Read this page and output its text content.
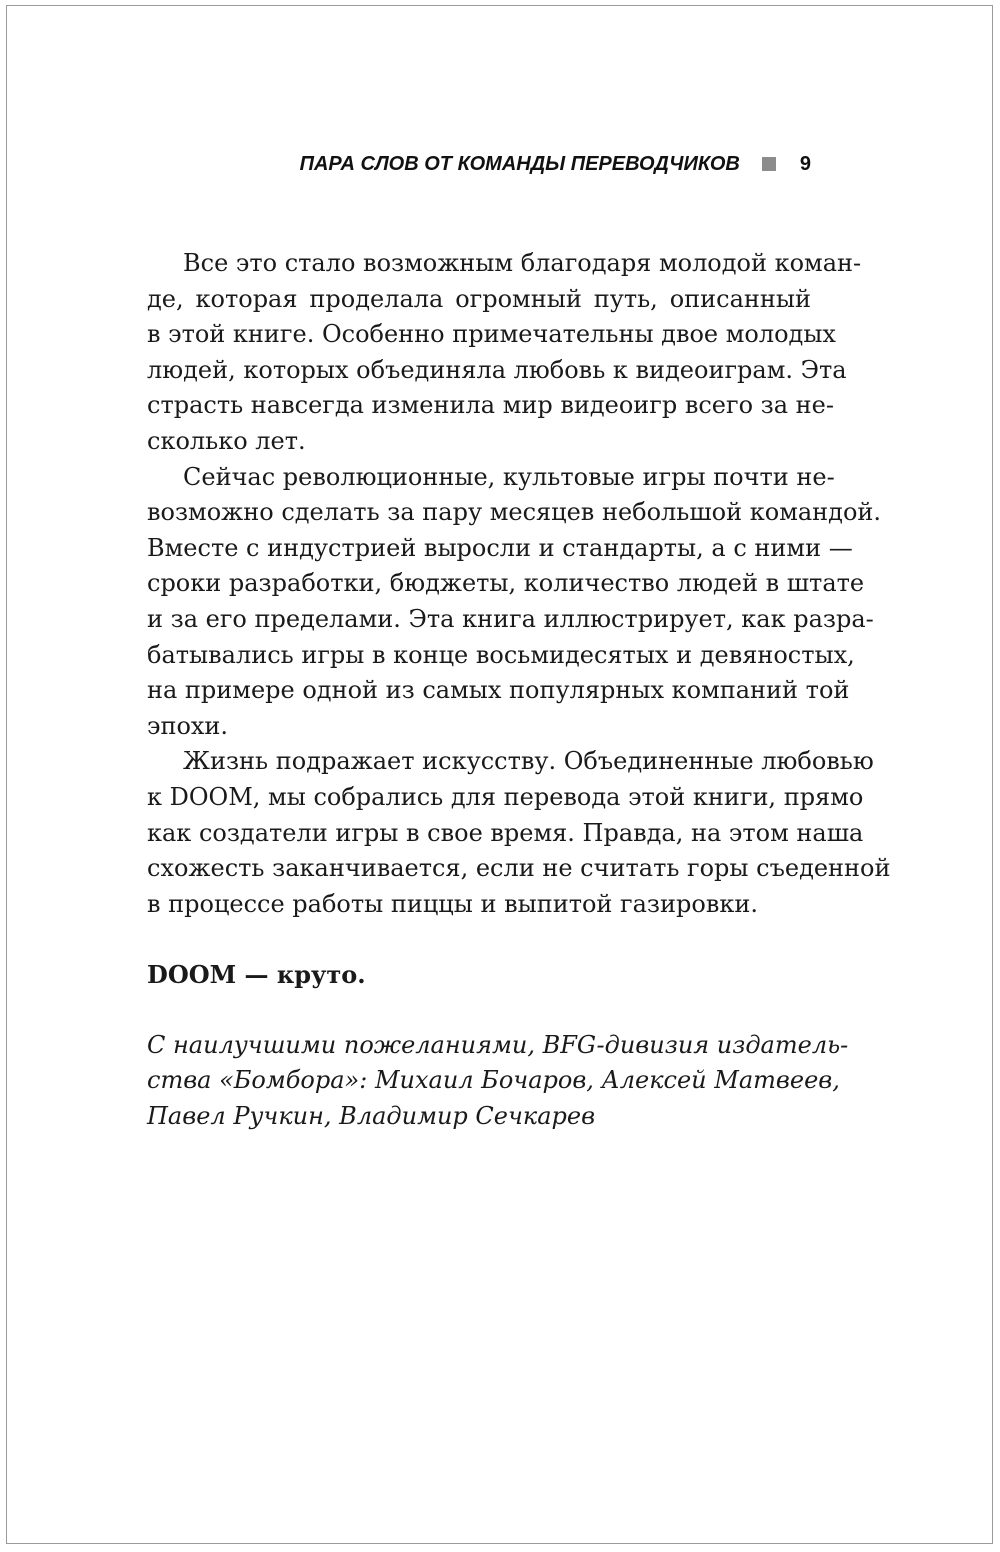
ПАРА СЛОВ ОТ КОМАНДЫ ПЕРЕВОДЧИКОВ	9
Все это стало возможным благодаря молодой коман-
де, которая проделала огромный путь, описанный
в этой книге. Особенно примечательны двое молодых
людей, которых объединяла любовь к видеоиграм. Эта
страсть навсегда изменила мир видеоигр всего за не-
сколько лет.
Сейчас революционные, культовые игры почти не-
возможно сделать за пару месяцев небольшой командой.
Вместе с индустрией выросли и стандарты, а с ними —
сроки разработки, бюджеты, количество людей в штате
и за его пределами. Эта книга иллюстрирует, как разра-
батывались игры в конце восьмидесятых и девяностых,
на примере одной из самых популярных компаний той
эпохи.
Жизнь подражает искусству. Объединенные любовью
к DOOM, мы собрались для перевода этой книги, прямо
как создатели игры в свое время. Правда, на этом наша
схожесть заканчивается, если не считать горы съеденной
в процессе работы пиццы и выпитой газировки.
DOOM — круто.
С наилучшими пожеланиями, BFG-дивизия издатель-
ства «Бомбора»: Михаил Бочаров, Алексей Матвеев,
Павел Ручкин, Владимир Сечкарев
